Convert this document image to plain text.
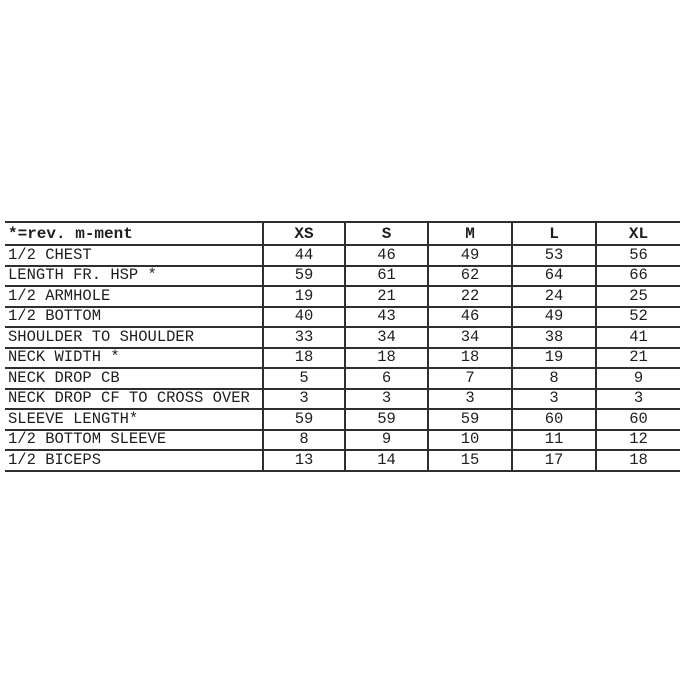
*=rev. m-ment	XS	S	M	L	XL
1/2 CHEST	44	46	49	53	56
LENGTH FR. HSP *	59	61	62	64	66
1/2 ARMHOLE	19	21	22	24	25
1/2 BOTTOM	40	43	46	49	52
SHOULDER TO SHOULDER	33	34	34	38	41
NECK WIDTH *	18	18	18	19	21
NECK DROP CB	5	6	7	8	9
NECK DROP CF TO CROSS OVER	3	3	3	3	3
SLEEVE LENGTH*	59	59	59	60	60
1/2 BOTTOM SLEEVE	8	9	10	11	12
1/2 BICEPS	13	14	15	17	18
